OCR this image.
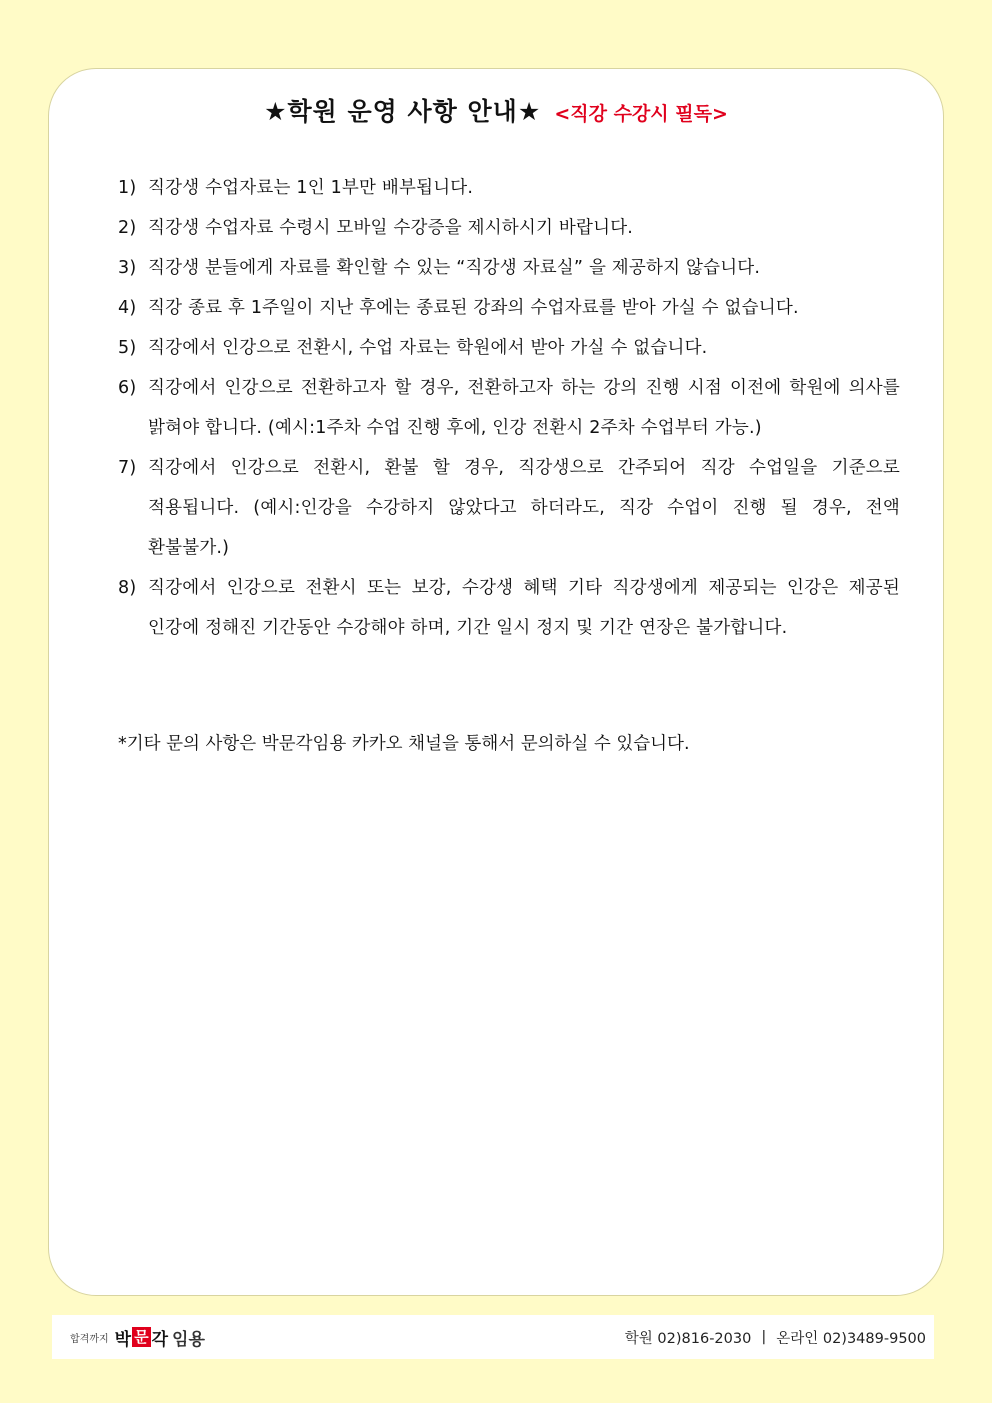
★학원 운영 사항 안내★ <직강 수강시 필독>
1) 직강생 수업자료는 1인 1부만 배부됩니다.
2) 직강생 수업자료 수령시 모바일 수강증을 제시하시기 바랍니다.
3) 직강생 분들에게 자료를 확인할 수 있는 “직강생 자료실” 을 제공하지 않습니다.
4) 직강 종료 후 1주일이 지난 후에는 종료된 강좌의 수업자료를 받아 가실 수 없습니다.
5) 직강에서 인강으로 전환시, 수업 자료는 학원에서 받아 가실 수 없습니다.
6) 직강에서 인강으로 전환하고자 할 경우, 전환하고자 하는 강의 진행 시점 이전에 학원에 의사를 밝혀야 합니다. (예시:1주차 수업 진행 후에, 인강 전환시 2주차 수업부터 가능.)
7) 직강에서 인강으로 전환시, 환불 할 경우, 직강생으로 간주되어 직강 수업일을 기준으로 적용됩니다. (예시:인강을 수강하지 않았다고 하더라도, 직강 수업이 진행 될 경우, 전액 환불불가.)
8) 직강에서 인강으로 전환시 또는 보강, 수강생 혜택 기타 직강생에게 제공되는 인강은 제공된 인강에 정해진 기간동안 수강해야 하며, 기간 일시 정지 및 기간 연장은 불가합니다.
*기타 문의 사항은 박문각임용 카카오 채널을 통해서 문의하실 수 있습니다.
합격까지 박 문 각 임용	학원 02)816-2030 | 온라인 02)3489-9500
